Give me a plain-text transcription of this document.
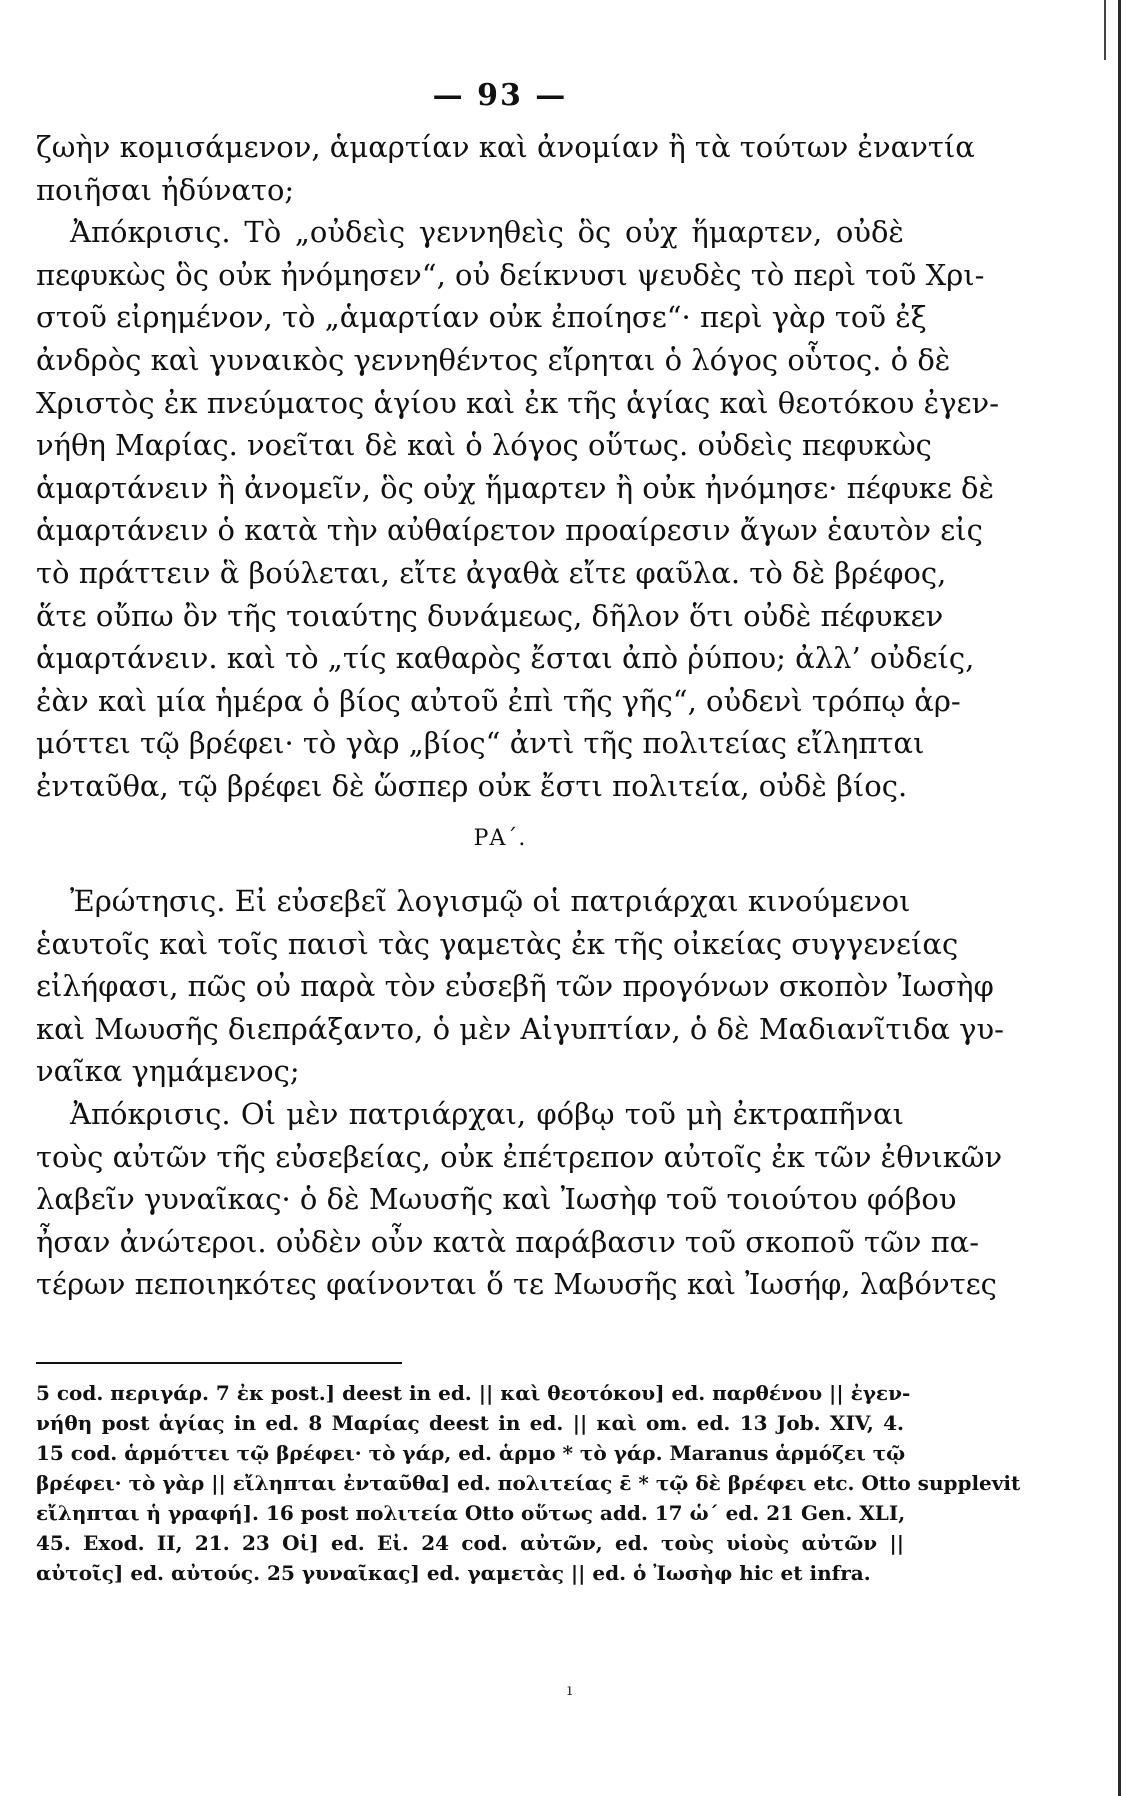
— 93 —
ζωὴν κομισάμενον, ἁμαρτίαν καὶ ἀνομίαν ἢ τὰ τούτων ἐναντία
ποιῆσαι ἠδύνατο;
Ἀπόκρισις. Τὸ „οὐδεὶς γεννηθεὶς ὃς οὐχ ἥμαρτεν, οὐδὲ
πεφυκὼς ὃς οὐκ ἠνόμησεν“, οὐ δείκνυσι ψευδὲς τὸ περὶ τοῦ Χρι-
στοῦ εἰρημένον, τὸ „ἁμαρτίαν οὐκ ἐποίησε“· περὶ γὰρ τοῦ ἐξ
ἀνδρὸς καὶ γυναικὸς γεννηθέντος εἴρηται ὁ λόγος οὗτος. ὁ δὲ
Χριστὸς ἐκ πνεύματος ἁγίου καὶ ἐκ τῆς ἁγίας καὶ θεοτόκου ἐγεν-
νήθη Μαρίας. νοεῖται δὲ καὶ ὁ λόγος οὕτως. οὐδεὶς πεφυκὼς
ἁμαρτάνειν ἢ ἀνομεῖν, ὃς οὐχ ἥμαρτεν ἢ οὐκ ἠνόμησε· πέφυκε δὲ
ἁμαρτάνειν ὁ κατὰ τὴν αὐθαίρετον προαίρεσιν ἄγων ἑαυτὸν εἰς
τὸ πράττειν ἃ βούλεται, εἴτε ἀγαθὰ εἴτε φαῦλα. τὸ δὲ βρέφος,
ἅτε οὔπω ὂν τῆς τοιαύτης δυνάμεως, δῆλον ὅτι οὐδὲ πέφυκεν
ἁμαρτάνειν. καὶ τὸ „τίς καθαρὸς ἔσται ἀπὸ ῥύπου; ἀλλ’ οὐδείς,
ἐὰν καὶ μία ἡμέρα ὁ βίος αὐτοῦ ἐπὶ τῆς γῆς“, οὐδενὶ τρόπῳ ἁρ-
μόττει τῷ βρέφει· τὸ γὰρ „βίος“ ἀντὶ τῆς πολιτείας εἴληπται
ἐνταῦθα, τῷ βρέφει δὲ ὥσπερ οὐκ ἔστι πολιτεία, οὐδὲ βίος.
ΡΑ΄.
Ἐρώτησις. Εἰ εὐσεβεῖ λογισμῷ οἱ πατριάρχαι κινούμενοι
ἑαυτοῖς καὶ τοῖς παισὶ τὰς γαμετὰς ἐκ τῆς οἰκείας συγγενείας
εἰλήφασι, πῶς οὐ παρὰ τὸν εὐσεβῆ τῶν προγόνων σκοπὸν Ἰωσὴφ
καὶ Μωυσῆς διεπράξαντο, ὁ μὲν Αἰγυπτίαν, ὁ δὲ Μαδιανῖτιδα γυ-
ναῖκα γημάμενος;
Ἀπόκρισις. Οἱ μὲν πατριάρχαι, φόβῳ τοῦ μὴ ἐκτραπῆναι
τοὺς αὐτῶν τῆς εὐσεβείας, οὐκ ἐπέτρεπον αὐτοῖς ἐκ τῶν ἐθνικῶν
λαβεῖν γυναῖκας· ὁ δὲ Μωυσῆς καὶ Ἰωσὴφ τοῦ τοιούτου φόβου
ἦσαν ἀνώτεροι. οὐδὲν οὖν κατὰ παράβασιν τοῦ σκοποῦ τῶν πα-
τέρων πεποιηκότες φαίνονται ὅ τε Μωυσῆς καὶ Ἰωσήφ, λαβόντες
5 cod. περιγάρ. 7 ἐκ post.] deest in ed. || καὶ θεοτόκου] ed. παρθένου || ἐγεν-
νήθη post ἁγίας in ed. 8 Μαρίας deest in ed. || καὶ om. ed. 13 Job. XIV, 4.
15 cod. ἁρμόττει τῷ βρέφει· τὸ γάρ, ed. ἁρμο * τὸ γάρ. Maranus ἁρμόζει τῷ
βρέφει· τὸ γὰρ || εἴληπται ἐνταῦθα] ed. πολιτείας ε̄ * τῷ δὲ βρέφει etc. Otto supplevit
εἴληπται ἡ γραφή]. 16 post πολιτεία Otto οὕτως add. 17 ὡ΄ ed. 21 Gen. XLI,
45. Exod. II, 21. 23 Oἱ] ed. Εἰ. 24 cod. αὐτῶν, ed. τοὺς υἱοὺς αὐτῶν ||
αὐτοῖς] ed. αὐτούς. 25 γυναῖκας] ed. γαμετὰς || ed. ὁ Ἰωσὴφ hic et infra.
ı
